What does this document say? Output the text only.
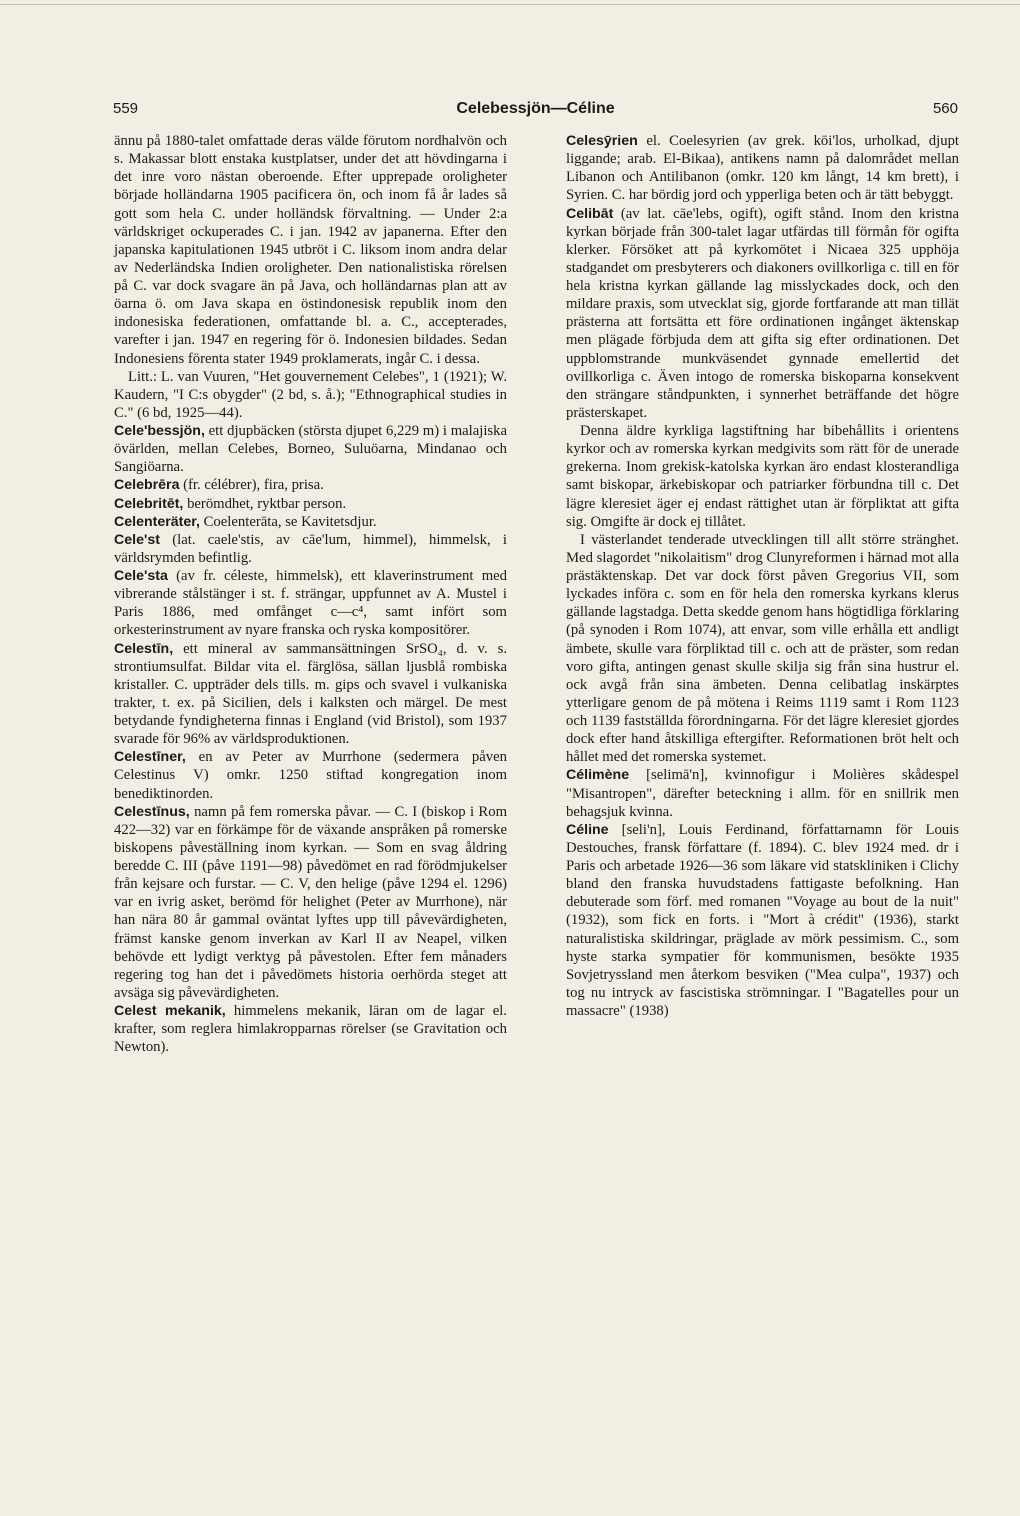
559	Celebessjön—Céline	560

ännu på 1880-talet omfattade deras välde förutom nordhalvön och s. Makassar blott enstaka kustplatser, under det att hövdingarna i det inre voro nästan oberoende. Efter upprepade oroligheter började holländarna 1905 pacificera ön, och inom få år lades så gott som hela C. under holländsk förvaltning. — Under 2:a världskriget ockuperades C. i jan. 1942 av japanerna. Efter den japanska kapitulationen 1945 utbröt i C. liksom inom andra delar av Nederländska Indien oroligheter. Den nationalistiska rörelsen på C. var dock svagare än på Java, och holländarnas plan att av öarna ö. om Java skapa en östindonesisk republik inom den indonesiska federationen, omfattande bl. a. C., accepterades, varefter i jan. 1947 en regering för ö. Indonesien bildades. Sedan Indonesiens förenta stater 1949 proklamerats, ingår C. i dessa.

Litt.: L. van Vuuren, "Het gouvernement Celebes", 1 (1921); W. Kaudern, "I C:s obygder" (2 bd, s. å.); "Ethnographical studies in C." (6 bd, 1925—44).

Cele'bessjön, ett djupbäcken (största djupet 6,229 m) i malajiska övärlden, mellan Celebes, Borneo, Suluöarna, Mindanao och Sangiöarna.

Celebrēra (fr. célébrer), fira, prisa.

Celebritēt, berömdhet, ryktbar person.

Celenteräter, Coelenterāta, se Kavitetsdjur.

Cele'st (lat. caele'stis, av cāe'lum, himmel), himmelsk, i världsrymden befintlig.

Cele'sta (av fr. céleste, himmelsk), ett klaverinstrument med vibrerande stålstänger i st. f. strängar, uppfunnet av A. Mustel i Paris 1886, med omfånget c—c⁴, samt infört som orkesterinstrument av nyare franska och ryska kompositörer.

Celestīn, ett mineral av sammansättningen SrSO₄, d. v. s. strontiumsulfat. Bildar vita el. färglösa, sällan ljusblå rombiska kristaller. C. uppträder dels tills. m. gips och svavel i vulkaniska trakter, t. ex. på Sicilien, dels i kalksten och märgel. De mest betydande fyndigheterna finnas i England (vid Bristol), som 1937 svarade för 96% av världsproduktionen.

Celestīner, en av Peter av Murrhone (sedermera påven Celestinus V) omkr. 1250 stiftad kongregation inom benediktinorden.

Celestīnus, namn på fem romerska påvar. — C. I (biskop i Rom 422—32) var en förkämpe för de växande anspråken på romerske biskopens påveställning inom kyrkan. — Som en svag åldring beredde C. III (påve 1191—98) påvedömet en rad förödmjukelser från kejsare och furstar. — C. V, den helige (påve 1294 el. 1296) var en ivrig asket, berömd för helighet (Peter av Murrhone), när han nära 80 år gammal oväntat lyftes upp till påvevärdigheten, främst kanske genom inverkan av Karl II av Neapel, vilken behövde ett lydigt verktyg på påvestolen. Efter fem månaders regering tog han det i påvedömets historia oerhörda steget att avsäga sig påvevärdigheten.

Celest mekanik, himmelens mekanik, läran om de lagar el. krafter, som reglera himlakropparnas rörelser (se Gravitation och Newton).

Celesȳrien el. Coelesyrien (av grek. kōi'los, urholkad, djupt liggande; arab. El-Bikaa), antikens namn på dalområdet mellan Libanon och Antilibanon (omkr. 120 km långt, 14 km brett), i Syrien. C. har bördig jord och ypperliga beten och är tätt bebyggt.

Celibāt (av lat. cāe'lebs, ogift), ogift stånd. Inom den kristna kyrkan började från 300-talet lagar utfärdas till förmån för ogifta klerker. Försöket att på kyrkomötet i Nicaea 325 upphöja stadgandet om presbyterers och diakoners ovillkorliga c. till en för hela kristna kyrkan gällande lag misslyckades dock, och den mildare praxis, som utvecklat sig, gjorde fortfarande att man tillät prästerna att fortsätta ett före ordinationen ingånget äktenskap men plägade förbjuda dem att gifta sig efter ordinationen. Det uppblomstrande munkväsendet gynnade emellertid det ovillkorliga c. Även intogo de romerska biskoparna konsekvent den strängare ståndpunkten, i synnerhet beträffande det högre prästerskapet.

Denna äldre kyrkliga lagstiftning har bibehållits i orientens kyrkor och av romerska kyrkan medgivits som rätt för de unerade grekerna. Inom grekisk-katolska kyrkan äro endast klosterandliga samt biskopar, ärkebiskopar och patriarker förbundna till c. Det lägre kleresiet äger ej endast rättighet utan är förpliktat att gifta sig. Omgifte är dock ej tillåtet.

I västerlandet tenderade utvecklingen till allt större stränghet. Med slagordet "nikolaitism" drog Clunyreformen i härnad mot alla prästäktenskap. Det var dock först påven Gregorius VII, som lyckades införa c. som en för hela den romerska kyrkans klerus gällande lagstadga. Detta skedde genom hans högtidliga förklaring (på synoden i Rom 1074), att envar, som ville erhålla ett andligt ämbete, skulle vara förpliktad till c. och att de präster, som redan voro gifta, antingen genast skulle skilja sig från sina hustrur el. ock avgå från sina ämbeten. Denna celibatlag inskärptes ytterligare genom de på mötena i Reims 1119 samt i Rom 1123 och 1139 fastställda förordningarna. För det lägre kleresiet gjordes dock efter hand åtskilliga eftergifter. Reformationen bröt helt och hållet med det romerska systemet.

Célimène [selimā'n], kvinnofigur i Molières skådespel "Misantropen", därefter beteckning i allm. för en snillrik men behagsjuk kvinna.

Céline [seli'n], Louis Ferdinand, författarnamn för Louis Destouches, fransk författare (f. 1894). C. blev 1924 med. dr i Paris och arbetade 1926—36 som läkare vid statskliniken i Clichy bland den franska huvudstadens fattigaste befolkning. Han debuterade som förf. med romanen "Voyage au bout de la nuit" (1932), som fick en forts. i "Mort à crédit" (1936), starkt naturalistiska skildringar, präglade av mörk pessimism. C., som hyste starka sympatier för kommunismen, besökte 1935 Sovjetryssland men återkom besviken ("Mea culpa", 1937) och tog nu intryck av fascistiska strömningar. I "Bagatelles pour un massacre" (1938)
